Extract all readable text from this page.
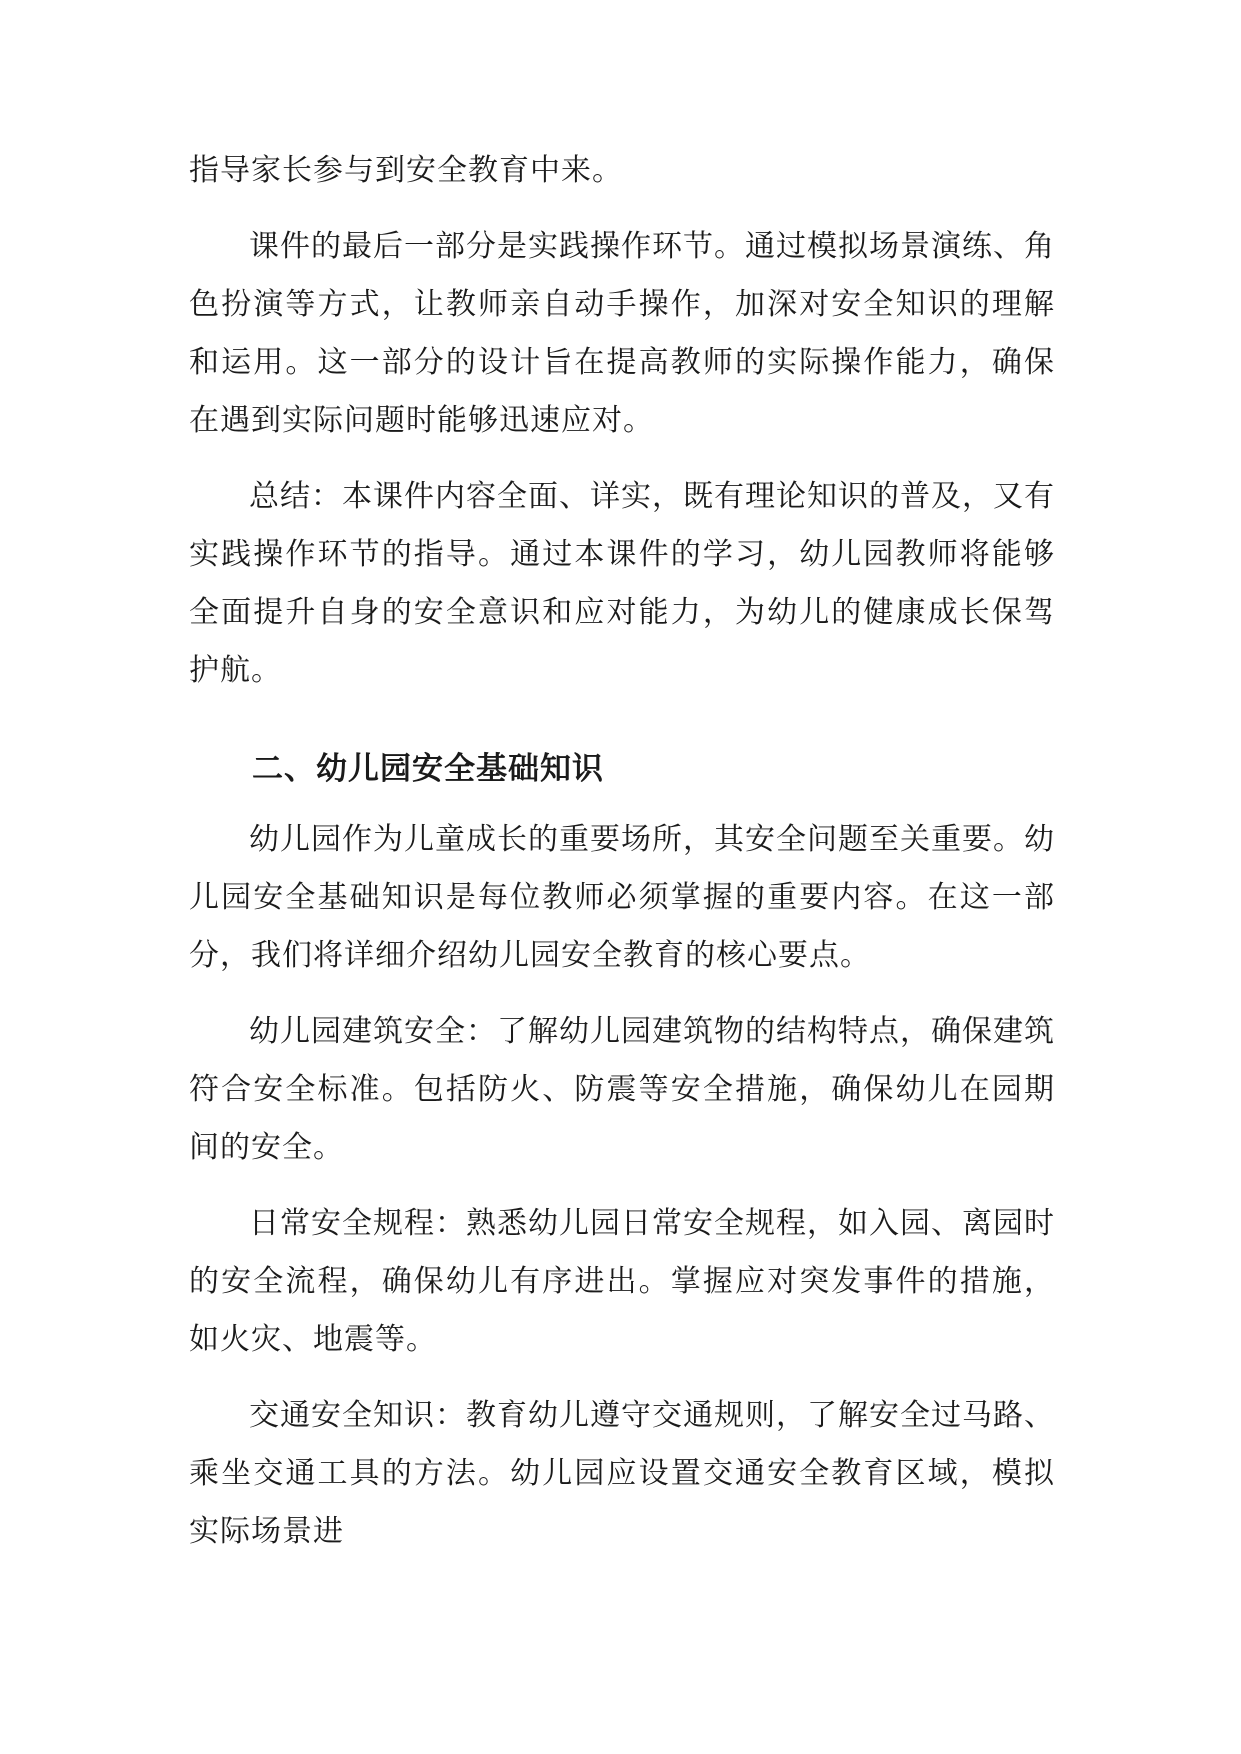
指导家长参与到安全教育中来。

课件的最后一部分是实践操作环节。通过模拟场景演练、角色扮演等方式，让教师亲自动手操作，加深对安全知识的理解和运用。这一部分的设计旨在提高教师的实际操作能力，确保在遇到实际问题时能够迅速应对。

总结：本课件内容全面、详实，既有理论知识的普及，又有实践操作环节的指导。通过本课件的学习，幼儿园教师将能够全面提升自身的安全意识和应对能力，为幼儿的健康成长保驾护航。

二、幼儿园安全基础知识

幼儿园作为儿童成长的重要场所，其安全问题至关重要。幼儿园安全基础知识是每位教师必须掌握的重要内容。在这一部分，我们将详细介绍幼儿园安全教育的核心要点。

幼儿园建筑安全：了解幼儿园建筑物的结构特点，确保建筑符合安全标准。包括防火、防震等安全措施，确保幼儿在园期间的安全。

日常安全规程：熟悉幼儿园日常安全规程，如入园、离园时的安全流程，确保幼儿有序进出。掌握应对突发事件的措施，如火灾、地震等。

交通安全知识：教育幼儿遵守交通规则，了解安全过马路、乘坐交通工具的方法。幼儿园应设置交通安全教育区域，模拟实际场景进
